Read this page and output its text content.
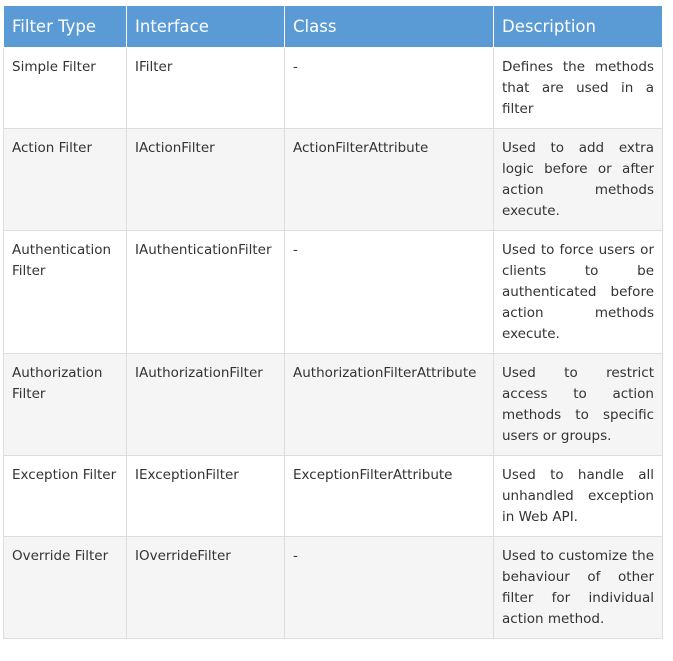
Filter Type	Interface	Class	Description
Simple Filter	IFilter	-	Defines the methods that are used in a filter
Action Filter	IActionFilter	ActionFilterAttribute	Used to add extra logic before or after action methods execute.
Authentication Filter	IAuthenticationFilter	-	Used to force users or clients to be authenticated before action methods execute.
Authorization Filter	IAuthorizationFilter	AuthorizationFilterAttribute	Used to restrict access to action methods to specific users or groups.
Exception Filter	IExceptionFilter	ExceptionFilterAttribute	Used to handle all unhandled exception in Web API.
Override Filter	IOverrideFilter	-	Used to customize the behaviour of other filter for individual action method.
